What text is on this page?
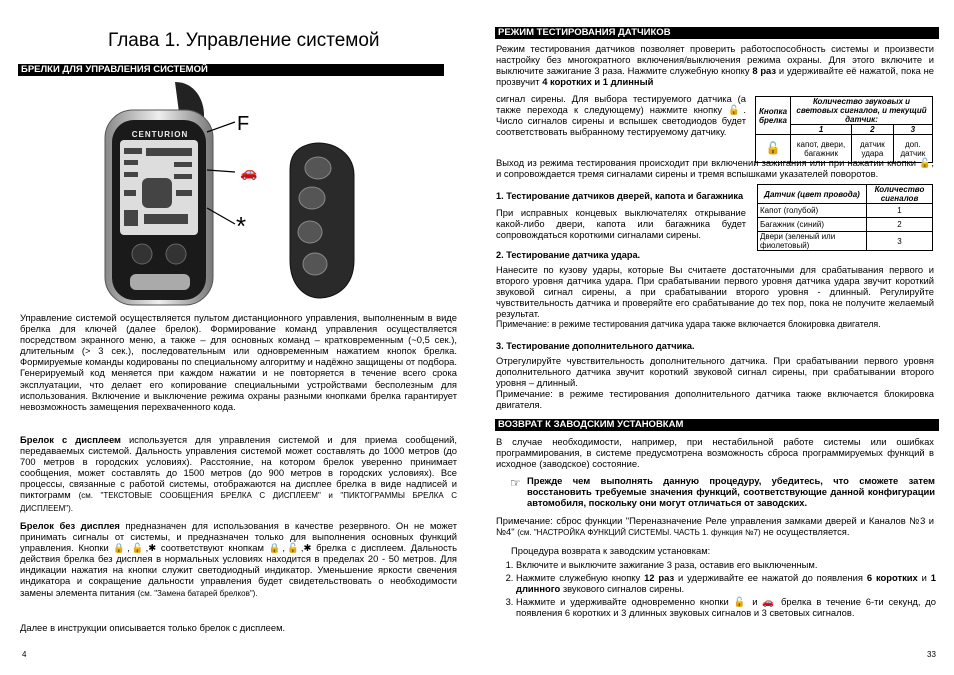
Глава 1. Управление системой
БРЕЛКИ ДЛЯ УПРАВЛЕНИЯ СИСТЕМОЙ
CENTURION F
🚗
*

Управление системой осуществляется пультом дистанционного управления, выполненным в виде брелка для ключей (далее брелок). Формирование команд управления осуществляется посредством экранного меню, а также – для основных команд – кратковременным (~0,5 сек.), длительным (> 3 сек.), последовательным или одновременным нажатием кнопок брелка. Формируемые команды кодированы по специальному алгоритму и надёжно защищены от подбора. Генерируемый код меняется при каждом нажатии и не повторяется в течение всего срока эксплуатации, что делает его копирование специальными устройствами бесполезным для использования. Включение и выключение режима охраны разными кнопками брелка гарантирует невозможность замещения перехваченного кода.

Брелок с дисплеем используется для управления системой и для приема сообщений, передаваемых системой. Дальность управления системой может составлять до 1000 метров (до 700 метров в городских условиях). Расстояние, на котором брелок уверенно принимает сообщения, может составлять до 1500 метров (до 900 метров в городских условиях). Все процессы, связанные с работой системы, отображаются на дисплее брелка в виде надписей и пиктограмм (см. "ТЕКСТОВЫЕ СООБЩЕНИЯ БРЕЛКА С ДИСПЛЕЕМ" и "ПИКТОГРАММЫ БРЕЛКА С ДИСПЛЕЕМ").

Брелок без дисплея предназначен для использования в качестве резервного. Он не может принимать сигналы от системы, и предназначен только для выполнения основных функций управления. Кнопки 🔒,🔓,✱ соответствуют кнопкам 🔒,🔓,✱ брелка с дисплеем. Дальность действия брелка без дисплея в нормальных условиях находится в пределах 20 - 50 метров. Для индикации нажатия на кнопки служит светодиодный индикатор. Уменьшение яркости свечения индикатора и сокращение дальности управления будет свидетельствовать о необходимости замены элемента питания (см. "Замена батарей брелков").

Далее в инструкции описывается только брелок с дисплеем.

4
РЕЖИМ ТЕСТИРОВАНИЯ ДАТЧИКОВ

Режим тестирования датчиков позволяет проверить работоспособность системы и произвести настройку без многократного включения/выключения режима охраны. Для этого включите и выключите зажигание 3 раза. Нажмите служебную кнопку 8 раз и удерживайте её нажатой, пока не прозвучит 4 коротких и 1 длинный

сигнал сирены. Для выбора тестируемого датчика (а также перехода к следующему) нажмите кнопку 🔓. Число сигналов сирены и вспышек светодиодов будет соответствовать выбранному тестируемому датчику.

Кнопка брелка	Количество звуковых и световых сигналов, и текущий датчик:		
	1	2	3
🔓	капот, двери, багажник	датчик удара	доп. датчик

Выход из режима тестирования происходит при включении зажигания или при нажатии кнопки 🔓, и сопровождается тремя сигналами сирены и тремя вспышками указателей поворотов.

1. Тестирование датчиков дверей, капота и багажника

При исправных концевых выключателях открывание какой-либо двери, капота или багажника будет сопровождаться короткими сигналами сирены.

Датчик (цвет провода)	Количество сигналов
Капот (голубой)	1
Багажник (синий)	2
Двери (зеленый или фиолетовый)	3
2. Тестирование датчика удара.

Нанесите по кузову удары, которые Вы считаете достаточными для срабатывания первого и второго уровня датчика удара. При срабатывании первого уровня датчика удара звучит короткий звуковой сигнал сирены, а при срабатывании второго уровня - длинный. Регулируйте чувствительность датчика и проверяйте его срабатывание до тех пор, пока не получите желаемый результат.

Примечание: в режиме тестирования датчика удара также включается блокировка двигателя.

3. Тестирование дополнительного датчика.

Отрегулируйте чувствительность дополнительного датчика. При срабатывании первого уровня дополнительного датчика звучит короткий звуковой сигнал сирены, при срабатывании второго уровня – длинный.

Примечание: в режиме тестирования дополнительного датчика также включается блокировка двигателя.

ВОЗВРАТ К ЗАВОДСКИМ УСТАНОВКАМ

В случае необходимости, например, при нестабильной работе системы или ошибках программирования, в системе предусмотрена возможность сброса программируемых функций в исходное (заводское) состояние.

☞ Прежде чем выполнять данную процедуру, убедитесь, что сможете затем восстановить требуемые значения функций, соответствующие данной конфигурации автомобиля, поскольку они могут отличаться от заводских.

Примечание: сброс функции "Переназначение Реле управления замками дверей и Каналов №3 и №4" (см. "НАСТРОЙКА ФУНКЦИЙ СИСТЕМЫ. ЧАСТЬ 1. функция №7) не осуществляется.

Процедура возврата к заводским установкам:
1. Включите и выключите зажигание 3 раза, оставив его выключенным.
2. Нажмите служебную кнопку 12 раз и удерживайте ее нажатой до появления 6 коротких и 1 длинного звукового сигналов сирены.
3. Нажмите и удерживайте одновременно кнопки 🔓 и 🚗 брелка в течение 6-ти секунд, до появления 6 коротких и 3 длинных звуковых сигналов и 3 световых сигналов.
33
